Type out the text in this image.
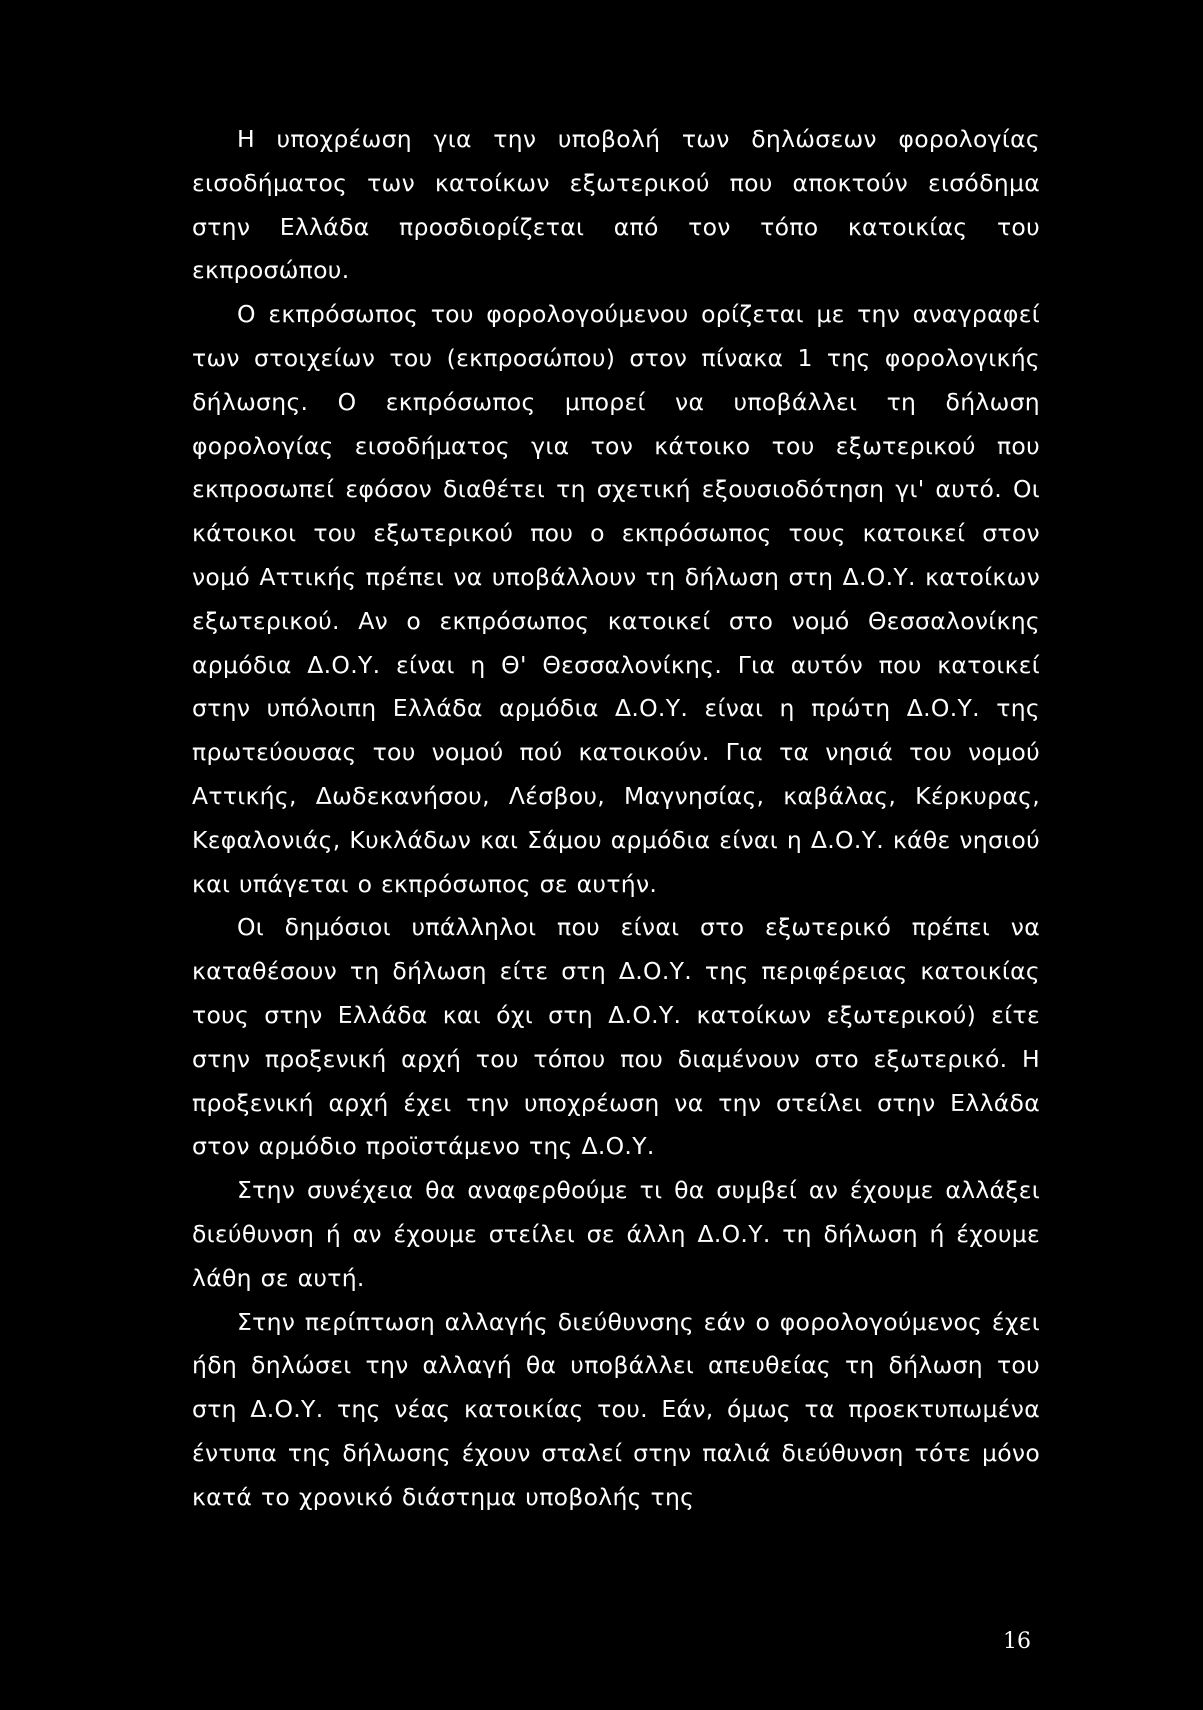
Η υποχρέωση για την υποβολή των δηλώσεων φορολογίας εισοδήματος των κατοίκων εξωτερικού που αποκτούν εισόδημα στην Ελλάδα προσδιορίζεται από τον τόπο κατοικίας του εκπροσώπου.

Ο εκπρόσωπος του φορολογούμενου ορίζεται με την αναγραφεί των στοιχείων του (εκπροσώπου) στον πίνακα 1 της φορολογικής δήλωσης. Ο εκπρόσωπος μπορεί να υποβάλλει τη δήλωση φορολογίας εισοδήματος για τον κάτοικο του εξωτερικού που εκπροσωπεί εφόσον διαθέτει τη σχετική εξουσιοδότηση γι' αυτό. Οι κάτοικοι του εξωτερικού που ο εκπρόσωπος τους κατοικεί στον νομό Αττικής πρέπει να υποβάλλουν τη δήλωση στη Δ.Ο.Υ. κατοίκων εξωτερικού. Αν ο εκπρόσωπος κατοικεί στο νομό Θεσσαλονίκης αρμόδια Δ.Ο.Υ. είναι η Θ' Θεσσαλονίκης. Για αυτόν που κατοικεί στην υπόλοιπη Ελλάδα αρμόδια Δ.Ο.Υ. είναι η πρώτη Δ.Ο.Υ. της πρωτεύουσας του νομού πού κατοικούν. Για τα νησιά του νομού Αττικής, Δωδεκανήσου, Λέσβου, Μαγνησίας, καβάλας, Κέρκυρας, Κεφαλονιάς, Κυκλάδων και Σάμου αρμόδια είναι η Δ.Ο.Υ. κάθε νησιού και υπάγεται ο εκπρόσωπος σε αυτήν.

Οι δημόσιοι υπάλληλοι που είναι στο εξωτερικό πρέπει να καταθέσουν τη δήλωση είτε στη Δ.Ο.Υ. της περιφέρειας κατοικίας τους στην Ελλάδα και όχι στη Δ.Ο.Υ. κατοίκων εξωτερικού) είτε στην προξενική αρχή του τόπου που διαμένουν στο εξωτερικό. Η προξενική αρχή έχει την υποχρέωση να την στείλει στην Ελλάδα στον αρμόδιο προϊστάμενο της Δ.Ο.Υ.

Στην συνέχεια θα αναφερθούμε τι θα συμβεί αν έχουμε αλλάξει διεύθυνση ή αν έχουμε στείλει σε άλλη Δ.Ο.Υ. τη δήλωση ή έχουμε λάθη σε αυτή.

Στην περίπτωση αλλαγής διεύθυνσης εάν ο φορολογούμενος έχει ήδη δηλώσει την αλλαγή θα υποβάλλει απευθείας τη δήλωση του στη Δ.Ο.Υ. της νέας κατοικίας του. Εάν, όμως τα προεκτυπωμένα έντυπα της δήλωσης έχουν σταλεί στην παλιά διεύθυνση τότε μόνο κατά το χρονικό διάστημα υποβολής της

16
